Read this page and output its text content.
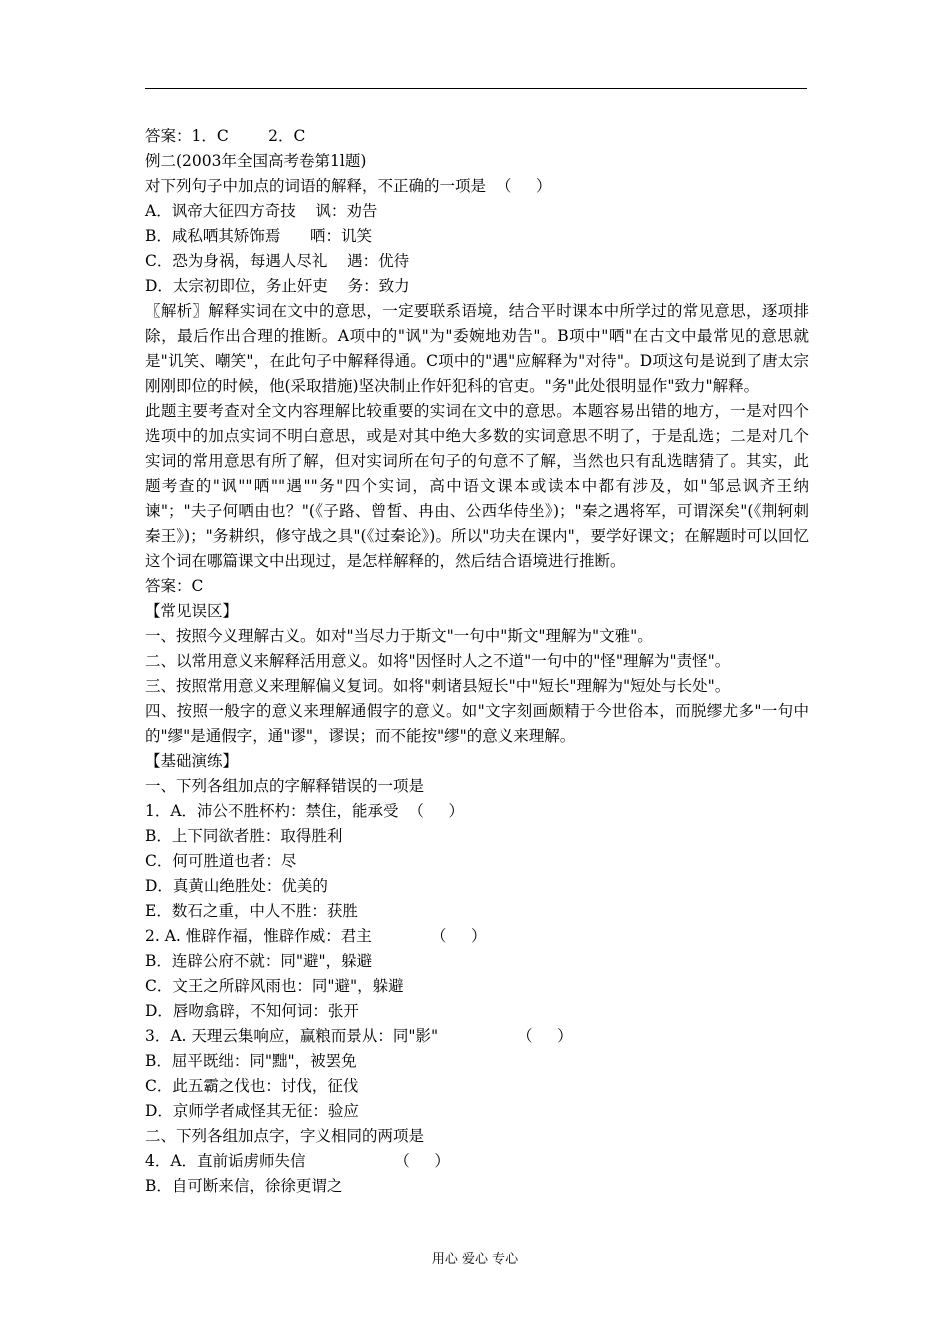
答案：1．C        2．C

例二(2003年全国高考卷第1l题)

对下列句子中加点的词语的解释，不正确的一项是  （     ）

A．讽帝大征四方奇技    讽：劝告

B．咸私哂其矫饰焉      哂：讥笑

C．恐为身祸，每遇人尽礼    遇：优待

D．太宗初即位，务止奸吏    务：致力

〖解析〗解释实词在文中的意思，一定要联系语境，结合平时课本中所学过的常见意思，逐项排除，最后作出合理的推断。A项中的"讽"为"委婉地劝告"。B项中"哂"在古文中最常见的意思就是"讥笑、嘲笑"，在此句子中解释得通。C项中的"遇"应解释为"对待"。D项这句是说到了唐太宗刚刚即位的时候，他(采取措施)坚决制止作奸犯科的官吏。"务"此处很明显作"致力"解释。

此题主要考查对全文内容理解比较重要的实词在文中的意思。本题容易出错的地方，一是对四个选项中的加点实词不明白意思，或是对其中绝大多数的实词意思不明了，于是乱选；二是对几个实词的常用意思有所了解，但对实词所在句子的句意不了解，当然也只有乱选瞎猜了。其实，此题考查的"讽""哂""遇""务"四个实词，高中语文课本或读本中都有涉及，如"邹忌讽齐王纳谏"；"夫子何哂由也？"(《子路、曾皙、冉由、公西华侍坐》)；"秦之遇将军，可谓深矣"(《荆轲刺秦王》)；"务耕织，修守战之具"(《过秦论》)。所以"功夫在课内"，要学好课文；在解题时可以回忆这个词在哪篇课文中出现过，是怎样解释的，然后结合语境进行推断。

答案：C

【常见误区】

一、按照今义理解古义。如对"当尽力于斯文"一句中"斯文"理解为"文雅"。

二、以常用意义来解释活用意义。如将"因怪时人之不道"一句中的"怪"理解为"责怪"。

三、按照常用意义来理解偏义复词。如将"刺诸县短长"中"短长"理解为"短处与长处"。

四、按照一般字的意义来理解通假字的意义。如"文字刻画颇精于今世俗本，而脱缪尤多"一句中的"缪"是通假字，通"谬"，谬误；而不能按"缪"的意义来理解。

【基础演练】

一、下列各组加点的字解释错误的一项是

1．A．沛公不胜杯杓：禁住，能承受  （     ）

B．上下同欲者胜：取得胜利

C．何可胜道也者：尽

D．真黄山绝胜处：优美的

E．数石之重，中人不胜：获胜

2. A. 惟辟作福，惟辟作威：君主            （     ）

B．连辟公府不就：同"避"，躲避

C．文王之所辟风雨也：同"避"，躲避

D．唇吻翕辟，不知何词：张开

3．A. 天理云集响应，赢粮而景从：同"影"                （     ）

B．屈平既绌：同"黜"，被罢免

C．此五霸之伐也：讨伐，征伐

D．京师学者咸怪其无征：验应

二、下列各组加点字，字义相同的两项是

4．A．直前诟虏师失信                  （     ）

B．自可断来信，徐徐更谓之

用心 爱心 专心
